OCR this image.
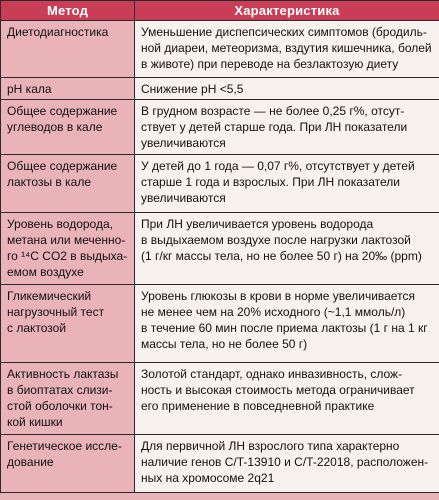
Метод	Характеристика

Диетодиагностика	Уменьшение диспепсических симптомов (бродиль-
ной диареи, метеоризма, вздутия кишечника, болей
в животе) при переводе на безлактозую диету

pH кала	Снижение pH <5,5

Общее содержание
углеводов в кале	В грудном возрасте — не более 0,25 г%, отсут-
ствует у детей старше года. При ЛН показатели
увеличиваются

Общее содержание
лактозы в кале	У детей до 1 года — 0,07 г%, отсутствует у детей
старше 1 года и взрослых. При ЛН показатели
увеличиваются

Уровень водорода,
метана или меченно-
го ¹⁴C CO2 в выдыха-
емом воздухе	При ЛН увеличивается уровень водорода
в выдыхаемом воздухе после нагрузки лактозой
(1 г/кг массы тела, но не более 50 г) на 20‰ (ppm)

Гликемический
нагрузочный тест
с лактозой	Уровень глюкозы в крови в норме увеличивается
не менее чем на 20% исходного (~1,1 ммоль/л)
в течение 60 мин после приема лактозы (1 г на 1 кг
массы тела, но не более 50 г)

Активность лактазы
в биоптатах слизи-
стой оболочки тон-
кой кишки	Золотой стандарт, однако инвазивность, слож-
ность и высокая стоимость метода ограничивает
его применение в повседневной практике

Генетическое иссле-
дование	Для первичной ЛН взрослого типа характерно
наличие генов C/T-13910 и C/T-22018, расположен-
ных на хромосоме 2q21
